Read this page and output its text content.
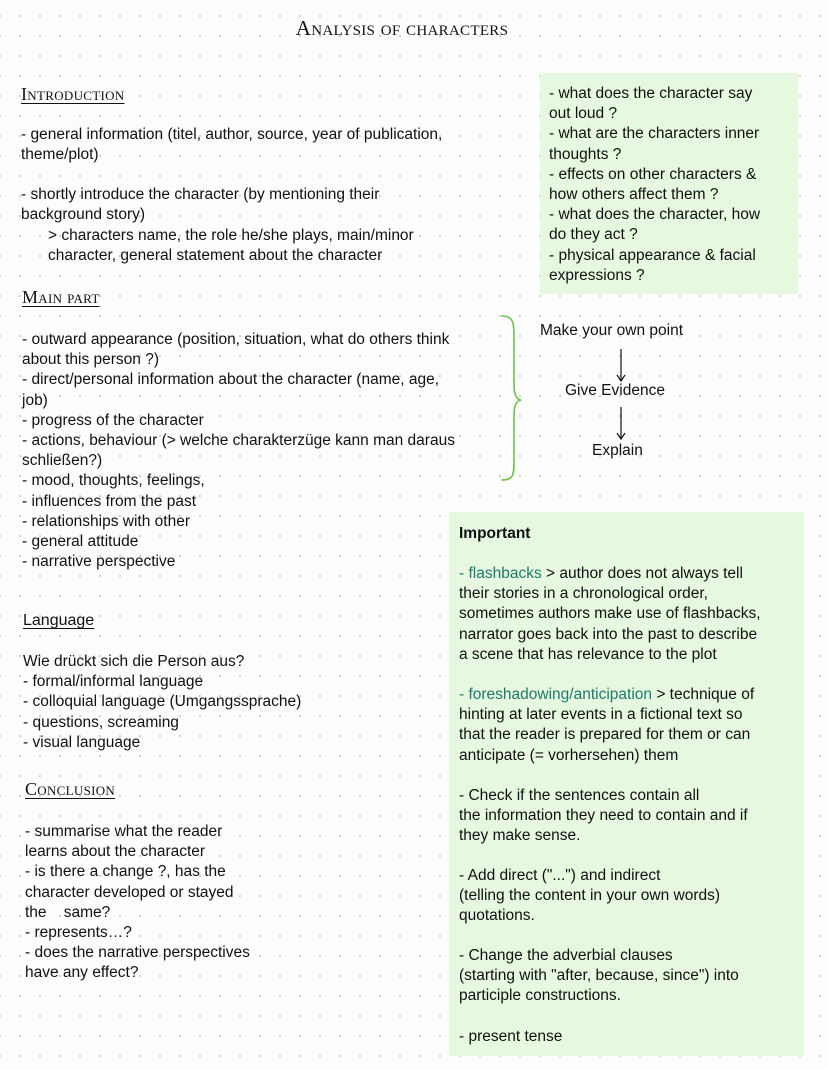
Analysis of characters
Introduction
- general information (titel, author, source, year of publication,
theme/plot)
- shortly introduce the character (by mentioning their
background story)
> characters name, the role he/she plays, main/minor
character, general statement about the character
- what does the character say
out loud ?
- what are the characters inner
thoughts ?
- effects on other characters &
how others affect them ?
- what does the character, how
do they act ?
- physical appearance & facial
expressions ?
Main part
- outward appearance (position, situation, what do others think
about this person ?)
- direct/personal information about the character (name, age,
job)
- progress of the character
- actions, behaviour (> welche charakterzüge kann man daraus
schließen?)
- mood, thoughts, feelings,
- influences from the past
- relationships with other
- general attitude
- narrative perspective
Make your own point
Give Evidence
Explain
Language
Wie drückt sich die Person aus?
- formal/informal language
- colloquial language (Umgangssprache)
- questions, screaming
- visual language
Conclusion
- summarise what the reader
learns about the character
- is there a change ?, has the
character developed or stayed
the    same?
- represents…?
- does the narrative perspectives
have any effect?
Important
- flashbacks > author does not always tell
their stories in a chronological order,
sometimes authors make use of flashbacks,
narrator goes back into the past to describe
a scene that has relevance to the plot
- foreshadowing/anticipation > technique of
hinting at later events in a fictional text so
that the reader is prepared for them or can
anticipate (= vorhersehen) them
- Check if the sentences contain all
the information they need to contain and if
they make sense.
- Add direct ("...") and indirect
(telling the content in your own words)
quotations.
- Change the adverbial clauses
(starting with "after, because, since") into
participle constructions.
- present tense
